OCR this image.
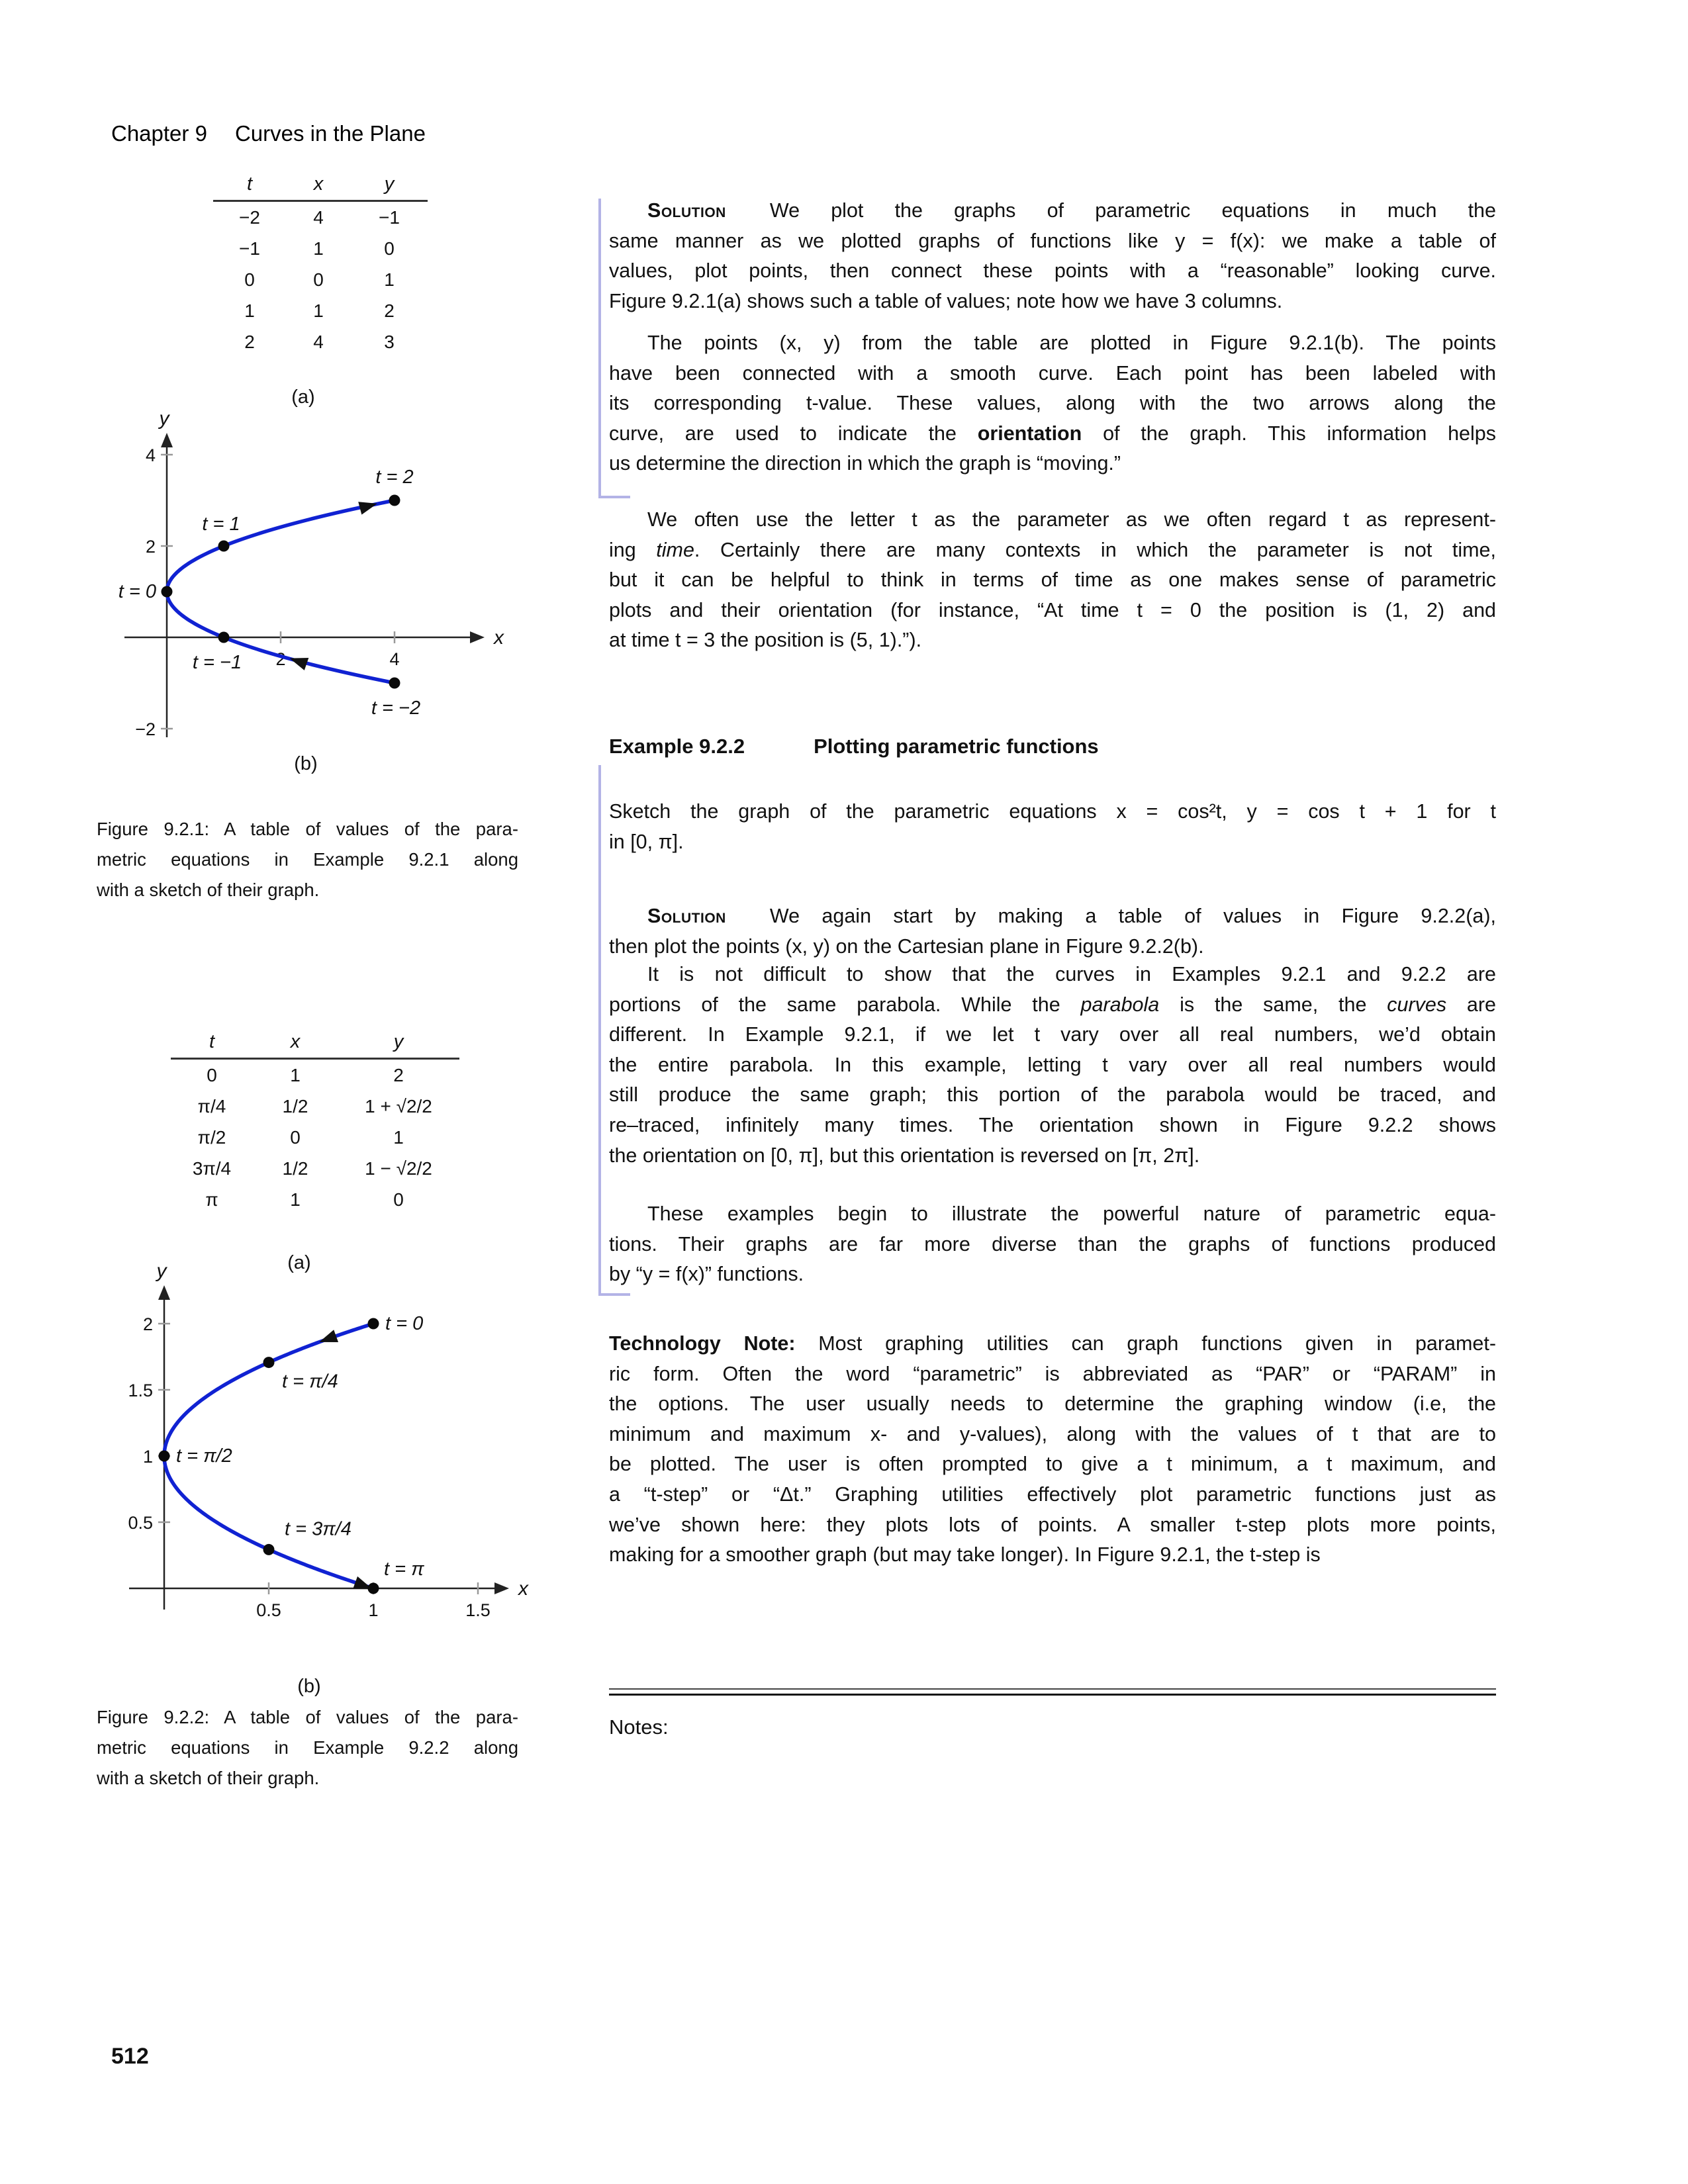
Chapter 9 Curves in the Plane
t	x	y
−2	4	−1
−1	1	0
0	0	1
1	1	2
2	4	3
(a)
x
y
2	4
4
2
−2
t = 2
t = 1
t = 0
t = −1
t = −2
(b)
Figure 9.2.1: A table of values of the para-
metric equations in Example 9.2.1 along
with a sketch of their graph.
t	x	y
0	1	2
π/4	1/2	1 + √2/2
π/2	0	1
3π/4	1/2	1 − √2/2
π	1	0
(a)
x
y
0.5	1	1.5
0.5
1
1.5
2	t = 0
t = π/4
t = π/2
t = 3π/4
t = π
(b)
Figure 9.2.2: A table of values of the para-
metric equations in Example 9.2.2 along
with a sketch of their graph.
Solution We plot the graphs of parametric equations in much the
same manner as we plotted graphs of functions like y = f(x): we make a table of
values, plot points, then connect these points with a “reasonable” looking curve.
Figure 9.2.1(a) shows such a table of values; note how we have 3 columns.
The points (x, y) from the table are plotted in Figure 9.2.1(b). The points
have been connected with a smooth curve. Each point has been labeled with
its corresponding t-value. These values, along with the two arrows along the
curve, are used to indicate the orientation of the graph. This information helps
us determine the direction in which the graph is “moving.”
We often use the letter t as the parameter as we often regard t as represent-
ing time. Certainly there are many contexts in which the parameter is not time,
but it can be helpful to think in terms of time as one makes sense of parametric
plots and their orientation (for instance, “At time t = 0 the position is (1, 2) and
at time t = 3 the position is (5, 1).”).
Example 9.2.2	Plotting parametric functions
Sketch the graph of the parametric equations x = cos²t, y = cos t + 1 for t
in [0, π].
Solution We again start by making a table of values in Figure 9.2.2(a),
then plot the points (x, y) on the Cartesian plane in Figure 9.2.2(b).
It is not difficult to show that the curves in Examples 9.2.1 and 9.2.2 are
portions of the same parabola. While the parabola is the same, the curves are
different. In Example 9.2.1, if we let t vary over all real numbers, we’d obtain
the entire parabola. In this example, letting t vary over all real numbers would
still produce the same graph; this portion of the parabola would be traced, and
re–traced, infinitely many times. The orientation shown in Figure 9.2.2 shows
the orientation on [0, π], but this orientation is reversed on [π, 2π].
These examples begin to illustrate the powerful nature of parametric equa-
tions. Their graphs are far more diverse than the graphs of functions produced
by “y = f(x)” functions.
Technology Note: Most graphing utilities can graph functions given in paramet-
ric form. Often the word “parametric” is abbreviated as “PAR” or “PARAM” in
the options. The user usually needs to determine the graphing window (i.e, the
minimum and maximum x- and y-values), along with the values of t that are to
be plotted. The user is often prompted to give a t minimum, a t maximum, and
a “t-step” or “Δt.” Graphing utilities effectively plot parametric functions just as
we’ve shown here: they plots lots of points. A smaller t-step plots more points,
making for a smoother graph (but may take longer). In Figure 9.2.1, the t-step is
Notes:
512
